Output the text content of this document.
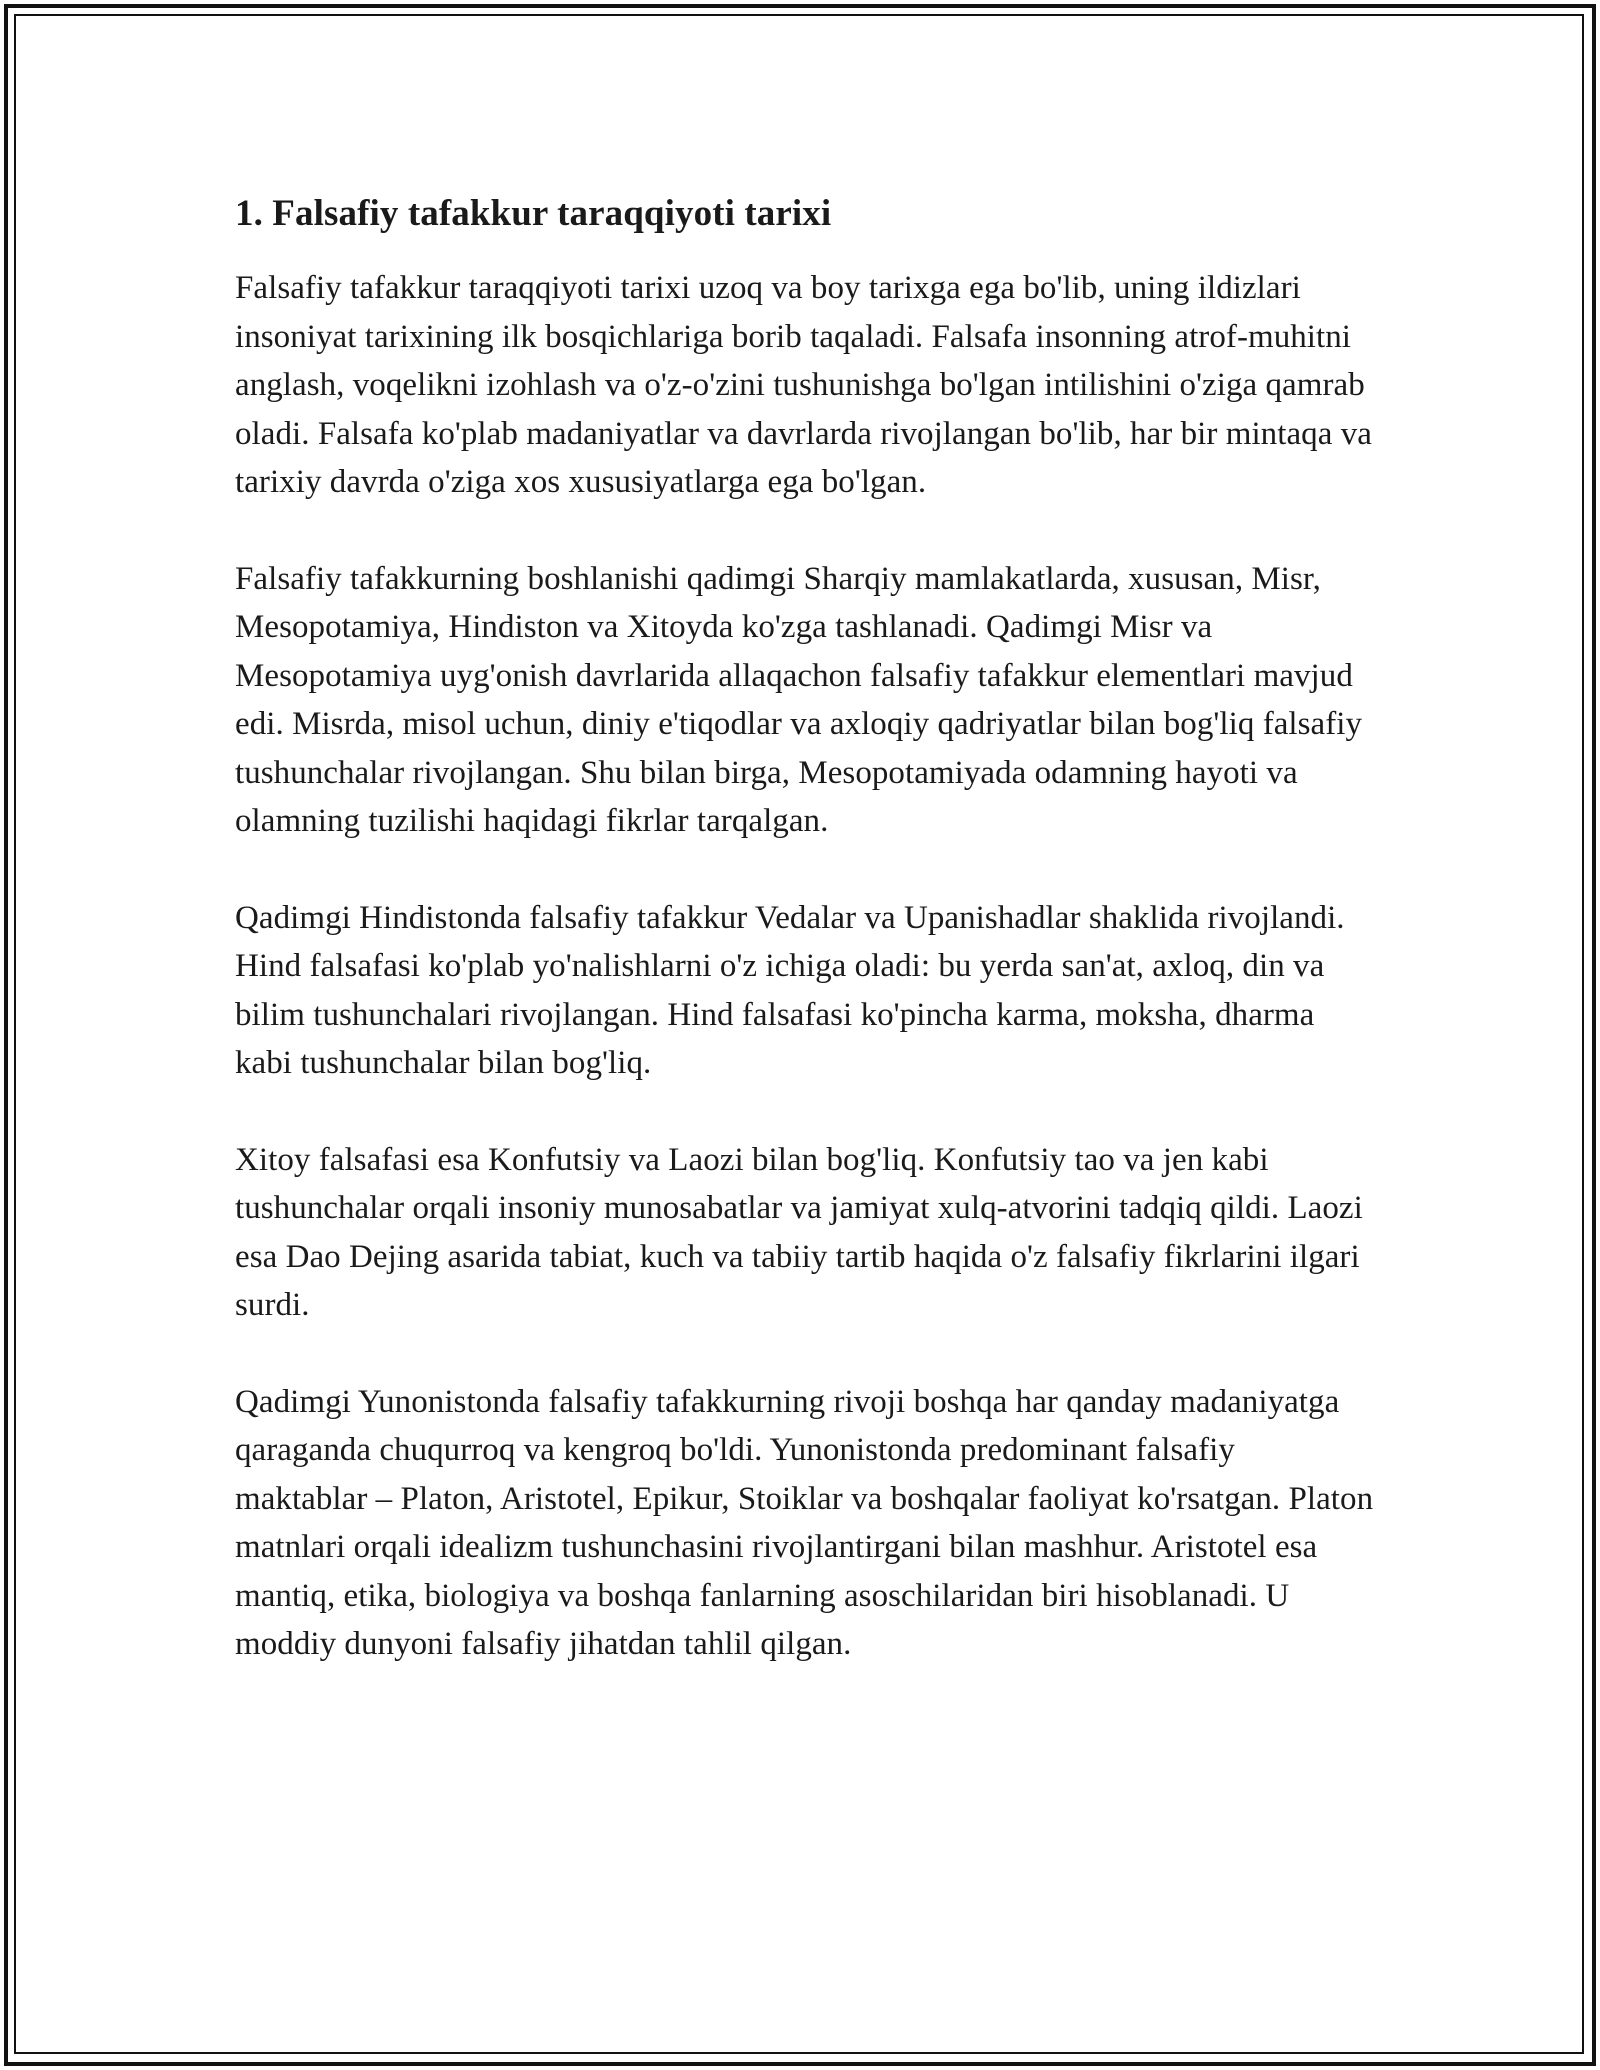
1. Falsafiy tafakkur taraqqiyoti tarixi

Falsafiy tafakkur taraqqiyoti tarixi uzoq va boy tarixga ega bo'lib, uning ildizlari insoniyat tarixining ilk bosqichlariga borib taqaladi. Falsafa insonning atrof-muhitni anglash, voqelikni izohlash va o'z-o'zini tushunishga bo'lgan intilishini o'ziga qamrab oladi. Falsafa ko'plab madaniyatlar va davrlarda rivojlangan bo'lib, har bir mintaqa va tarixiy davrda o'ziga xos xususiyatlarga ega bo'lgan.

Falsafiy tafakkurning boshlanishi qadimgi Sharqiy mamlakatlarda, xususan, Misr, Mesopotamiya, Hindiston va Xitoyda ko'zga tashlanadi. Qadimgi Misr va Mesopotamiya uyg'onish davrlarida allaqachon falsafiy tafakkur elementlari mavjud edi. Misrda, misol uchun, diniy e'tiqodlar va axloqiy qadriyatlar bilan bog'liq falsafiy tushunchalar rivojlangan. Shu bilan birga, Mesopotamiyada odamning hayoti va olamning tuzilishi haqidagi fikrlar tarqalgan.

Qadimgi Hindistonda falsafiy tafakkur Vedalar va Upanishadlar shaklida rivojlandi. Hind falsafasi ko'plab yo'nalishlarni o'z ichiga oladi: bu yerda san'at, axloq, din va bilim tushunchalari rivojlangan. Hind falsafasi ko'pincha karma, moksha, dharma kabi tushunchalar bilan bog'liq.

Xitoy falsafasi esa Konfutsiy va Laozi bilan bog'liq. Konfutsiy tao va jen kabi tushunchalar orqali insoniy munosabatlar va jamiyat xulq-atvorini tadqiq qildi. Laozi esa Dao Dejing asarida tabiat, kuch va tabiiy tartib haqida o'z falsafiy fikrlarini ilgari surdi.

Qadimgi Yunonistonda falsafiy tafakkurning rivoji boshqa har qanday madaniyatga qaraganda chuqurroq va kengroq bo'ldi. Yunonistonda predominant falsafiy maktablar – Platon, Aristotel, Epikur, Stoiklar va boshqalar faoliyat ko'rsatgan. Platon matnlari orqali idealizm tushunchasini rivojlantirgani bilan mashhur. Aristotel esa mantiq, etika, biologiya va boshqa fanlarning asoschilaridan biri hisoblanadi. U moddiy dunyoni falsafiy jihatdan tahlil qilgan.
